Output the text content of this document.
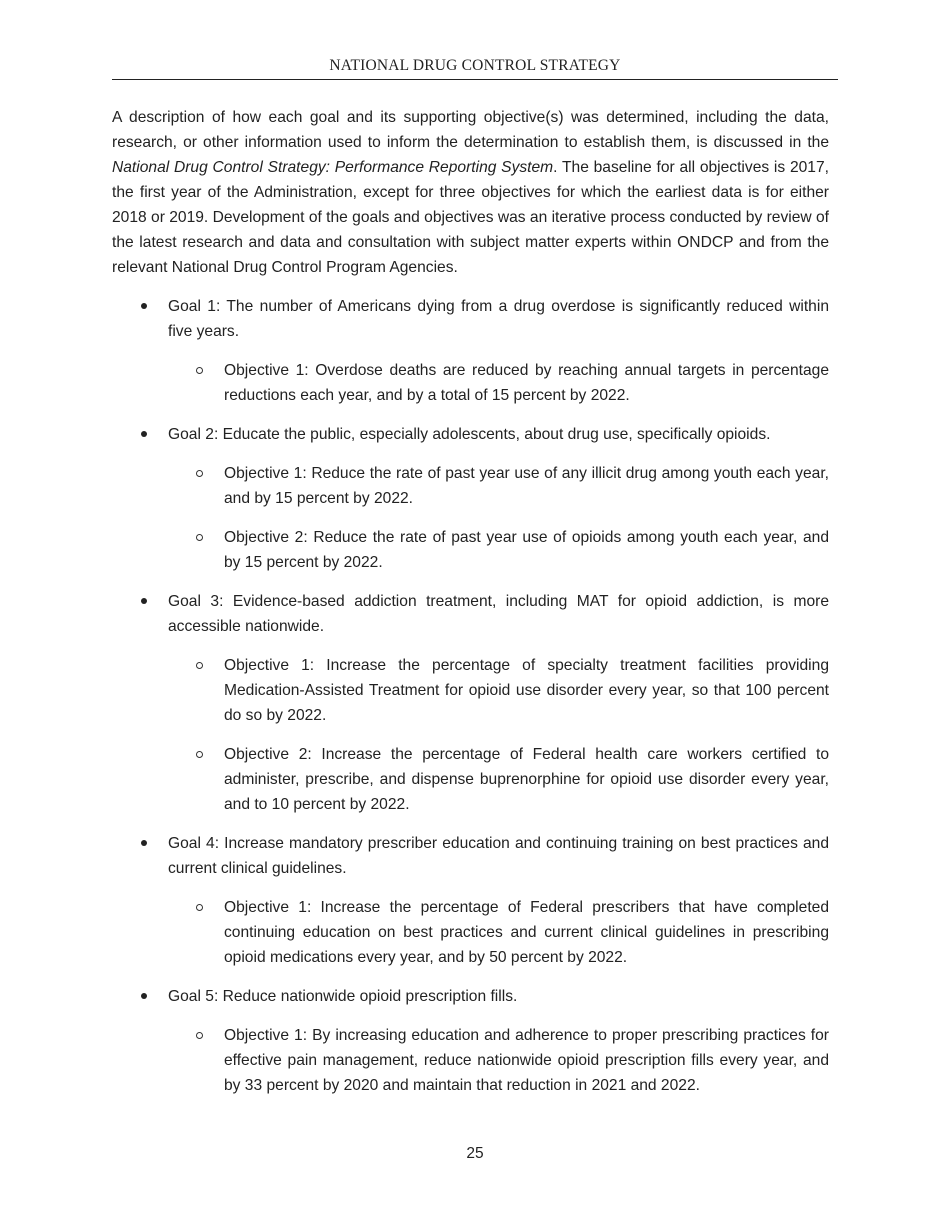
NATIONAL DRUG CONTROL STRATEGY

A description of how each goal and its supporting objective(s) was determined, including the data, research, or other information used to inform the determination to establish them, is discussed in the National Drug Control Strategy: Performance Reporting System. The baseline for all objectives is 2017, the first year of the Administration, except for three objectives for which the earliest data is for either 2018 or 2019. Development of the goals and objectives was an iterative process conducted by review of the latest research and data and consultation with subject matter experts within ONDCP and from the relevant National Drug Control Program Agencies.

Goal 1: The number of Americans dying from a drug overdose is significantly reduced within five years.
Objective 1: Overdose deaths are reduced by reaching annual targets in percentage reductions each year, and by a total of 15 percent by 2022.
Goal 2: Educate the public, especially adolescents, about drug use, specifically opioids.
Objective 1: Reduce the rate of past year use of any illicit drug among youth each year, and by 15 percent by 2022.
Objective 2: Reduce the rate of past year use of opioids among youth each year, and by 15 percent by 2022.
Goal 3: Evidence-based addiction treatment, including MAT for opioid addiction, is more accessible nationwide.
Objective 1: Increase the percentage of specialty treatment facilities providing Medication-Assisted Treatment for opioid use disorder every year, so that 100 percent do so by 2022.
Objective 2: Increase the percentage of Federal health care workers certified to administer, prescribe, and dispense buprenorphine for opioid use disorder every year, and to 10 percent by 2022.
Goal 4: Increase mandatory prescriber education and continuing training on best practices and current clinical guidelines.
Objective 1: Increase the percentage of Federal prescribers that have completed continuing education on best practices and current clinical guidelines in prescribing opioid medications every year, and by 50 percent by 2022.
Goal 5: Reduce nationwide opioid prescription fills.
Objective 1: By increasing education and adherence to proper prescribing practices for effective pain management, reduce nationwide opioid prescription fills every year, and by 33 percent by 2020 and maintain that reduction in 2021 and 2022.
25
